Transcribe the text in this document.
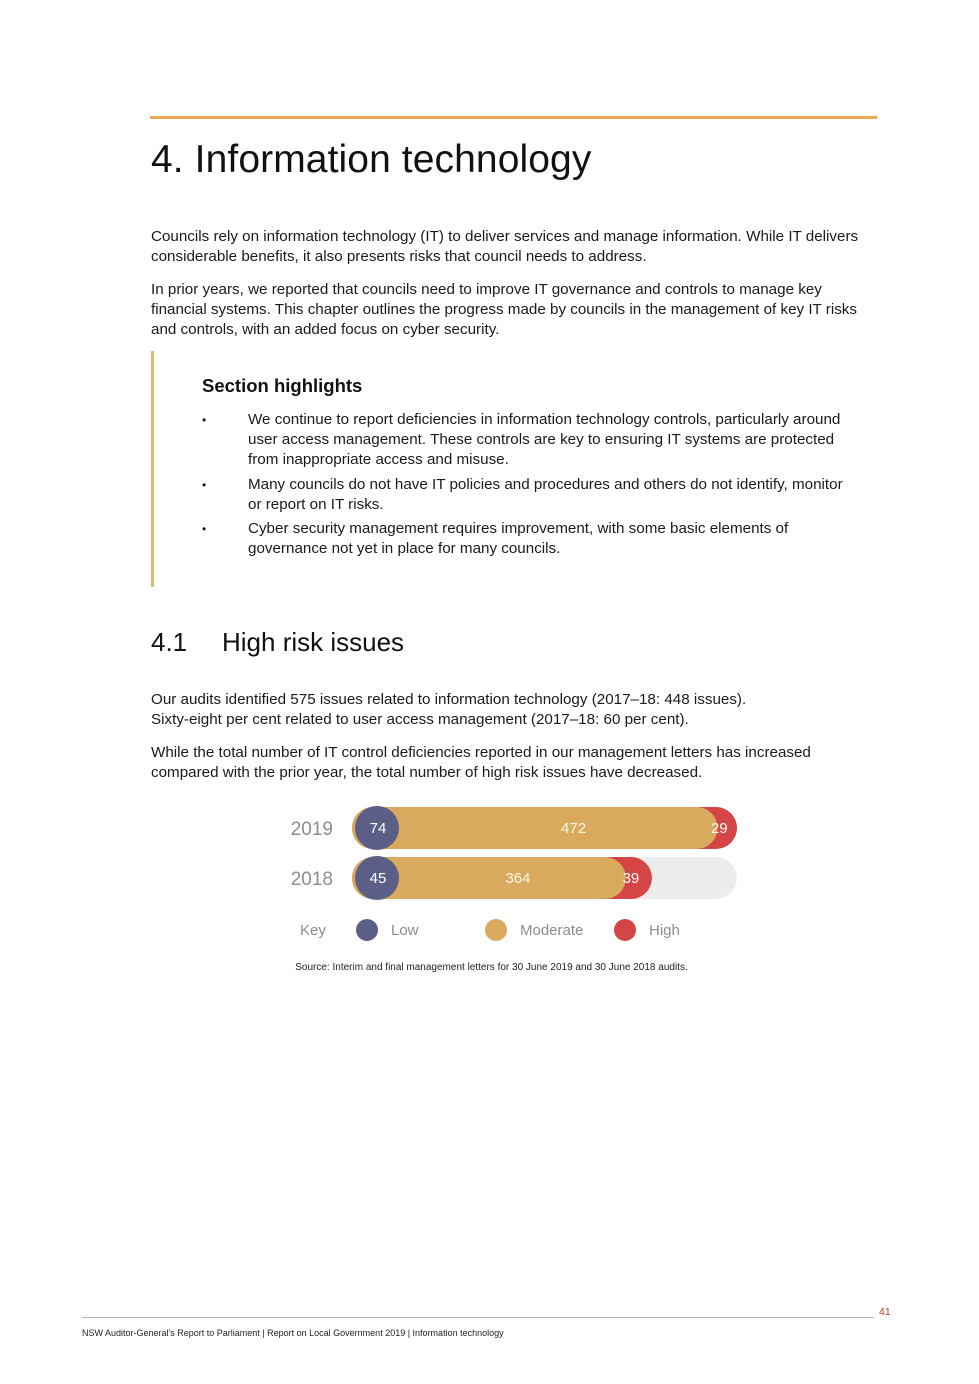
4. Information technology

Councils rely on information technology (IT) to deliver services and manage information. While IT delivers considerable benefits, it also presents risks that council needs to address.

In prior years, we reported that councils need to improve IT governance and controls to manage key financial systems. This chapter outlines the progress made by councils in the management of key IT risks and controls, with an added focus on cyber security.

Section highlights
•	We continue to report deficiencies in information technology controls, particularly around user access management. These controls are key to ensuring IT systems are protected from inappropriate access and misuse.
•	Many councils do not have IT policies and procedures and others do not identify, monitor or report on IT risks.
•	Cyber security management requires improvement, with some basic elements of governance not yet in place for many councils.
4.1 High risk issues

Our audits identified 575 issues related to information technology (2017–18: 448 issues).
Sixty-eight per cent related to user access management (2017–18: 60 per cent).

While the total number of IT control deficiencies reported in our management letters has increased compared with the prior year, the total number of high risk issues have decreased.

2019 74	472	29
2018 45	364	39
Key	Low	Moderate	High

Source: Interim and final management letters for 30 June 2019 and 30 June 2018 audits.

41
NSW Auditor-General's Report to Parliament | Report on Local Government 2019 | Information technology
